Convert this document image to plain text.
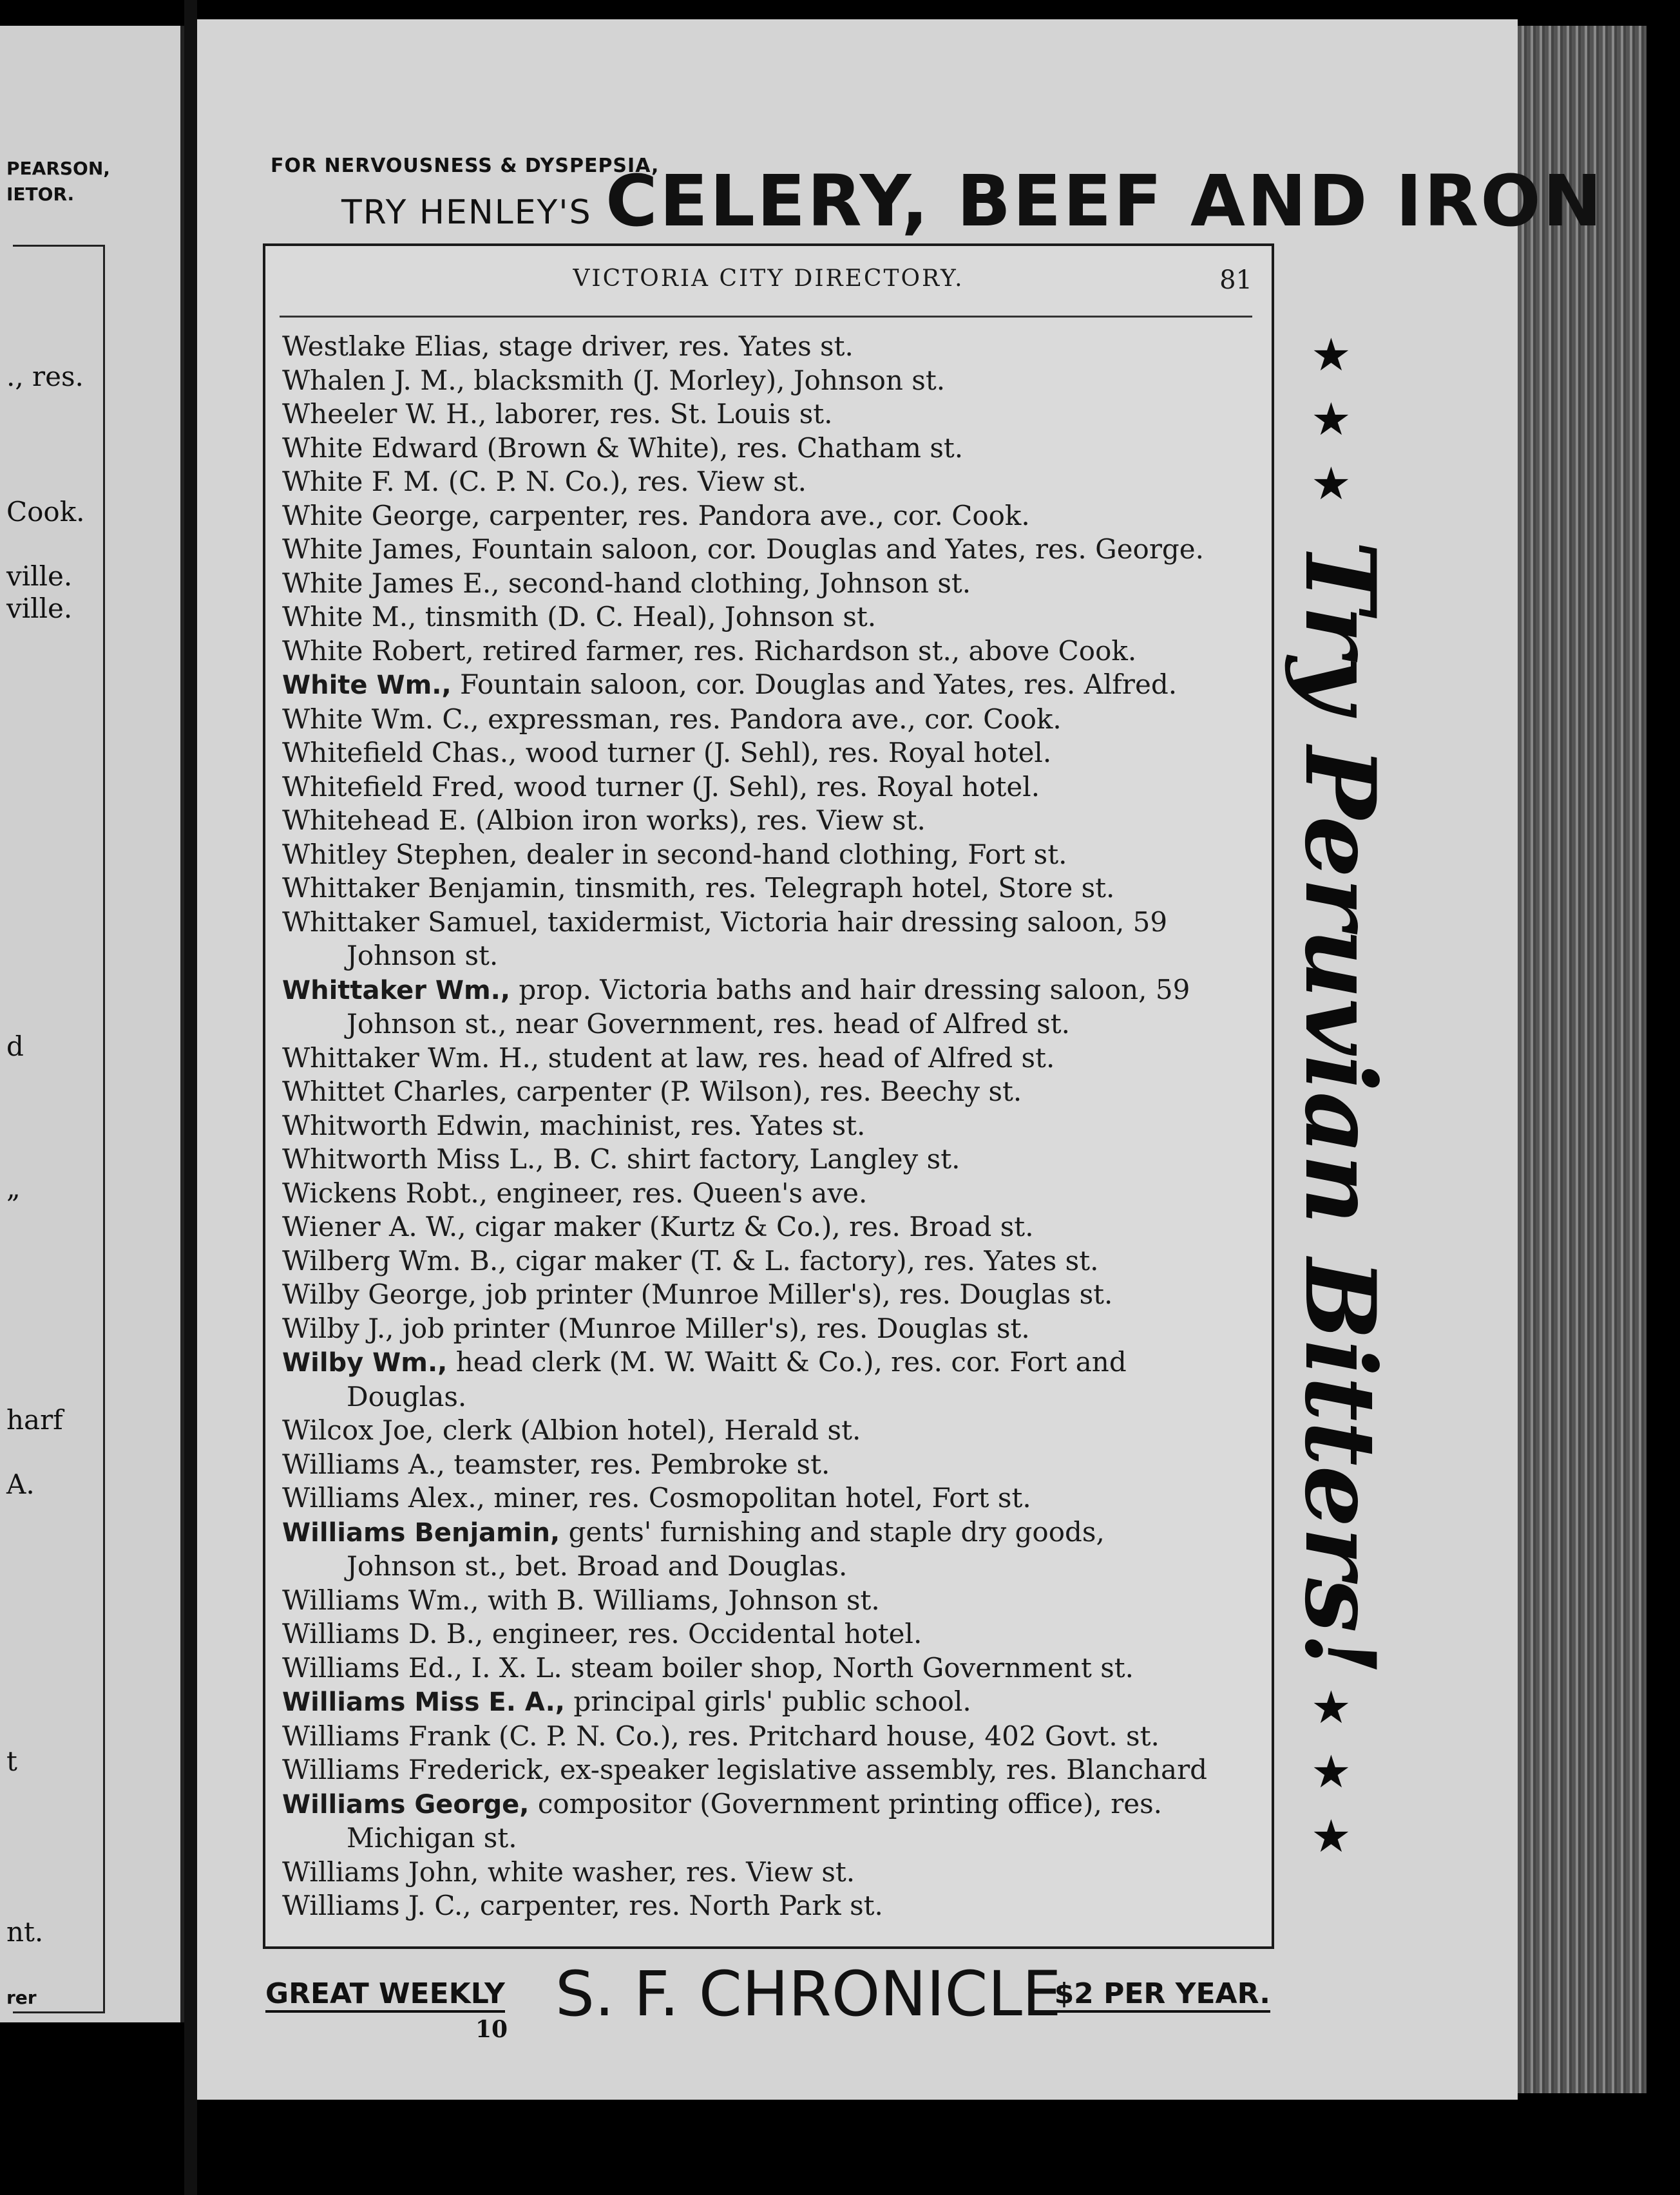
PEARSON,
IETOR.
., res.
Cook.
ville.
ville.
d
„
harf
A.
t
nt.
rer
FOR NERVOUSNESS & DYSPEPSIA,
TRY HENLEY'S CELERY, BEEF AND IRON
VICTORIA CITY DIRECTORY.	81
Westlake Elias, stage driver, res. Yates st.
Whalen J. M., blacksmith (J. Morley), Johnson st.
Wheeler W. H., laborer, res. St. Louis st.
White Edward (Brown & White), res. Chatham st.
White F. M. (C. P. N. Co.), res. View st.
White George, carpenter, res. Pandora ave., cor. Cook.
White James, Fountain saloon, cor. Douglas and Yates, res. George.
White James E., second-hand clothing, Johnson st.
White M., tinsmith (D. C. Heal), Johnson st.
White Robert, retired farmer, res. Richardson st., above Cook.
White Wm., Fountain saloon, cor. Douglas and Yates, res. Alfred.
White Wm. C., expressman, res. Pandora ave., cor. Cook.
Whitefield Chas., wood turner (J. Sehl), res. Royal hotel.
Whitefield Fred, wood turner (J. Sehl), res. Royal hotel.
Whitehead E. (Albion iron works), res. View st.
Whitley Stephen, dealer in second-hand clothing, Fort st.
Whittaker Benjamin, tinsmith, res. Telegraph hotel, Store st.
Whittaker Samuel, taxidermist, Victoria hair dressing saloon, 59
Johnson st.
Whittaker Wm., prop. Victoria baths and hair dressing saloon, 59
Johnson st., near Government, res. head of Alfred st.
Whittaker Wm. H., student at law, res. head of Alfred st.
Whittet Charles, carpenter (P. Wilson), res. Beechy st.
Whitworth Edwin, machinist, res. Yates st.
Whitworth Miss L., B. C. shirt factory, Langley st.
Wickens Robt., engineer, res. Queen's ave.
Wiener A. W., cigar maker (Kurtz & Co.), res. Broad st.
Wilberg Wm. B., cigar maker (T. & L. factory), res. Yates st.
Wilby George, job printer (Munroe Miller's), res. Douglas st.
Wilby J., job printer (Munroe Miller's), res. Douglas st.
Wilby Wm., head clerk (M. W. Waitt & Co.), res. cor. Fort and
Douglas.
Wilcox Joe, clerk (Albion hotel), Herald st.
Williams A., teamster, res. Pembroke st.
Williams Alex., miner, res. Cosmopolitan hotel, Fort st.
Williams Benjamin, gents' furnishing and staple dry goods,
Johnson st., bet. Broad and Douglas.
Williams Wm., with B. Williams, Johnson st.
Williams D. B., engineer, res. Occidental hotel.
Williams Ed., I. X. L. steam boiler shop, North Government st.
Williams Miss E. A., principal girls' public school.
Williams Frank (C. P. N. Co.), res. Pritchard house, 402 Govt. st.
Williams Frederick, ex-speaker legislative assembly, res. Blanchard
Williams George, compositor (Government printing office), res.
Michigan st.
Williams John, white washer, res. View st.
Williams J. C., carpenter, res. North Park st.
★
★
★
Try Peruvian Bitters!
★
★
★
GREAT WEEKLY S. F. CHRONICLE
$2 PER YEAR.
10
